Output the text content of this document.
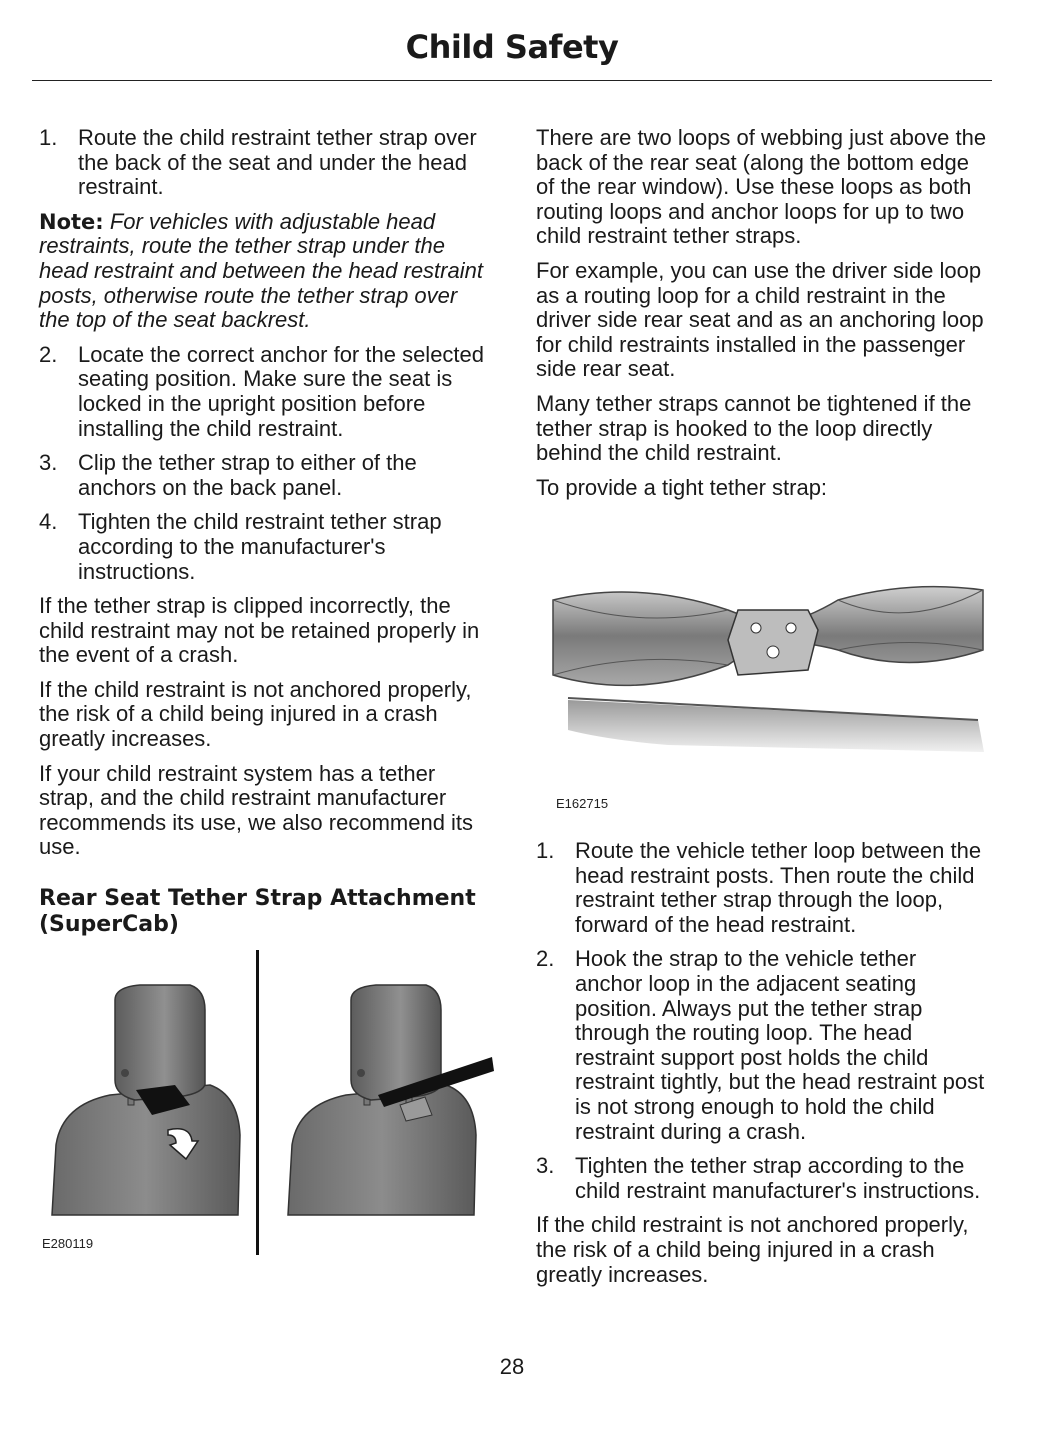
Child Safety
1. Route the child restraint tether strap over the back of the seat and under the head restraint.
Note: For vehicles with adjustable head restraints, route the tether strap under the head restraint and between the head restraint posts, otherwise route the tether strap over the top of the seat backrest.
2. Locate the correct anchor for the selected seating position. Make sure the seat is locked in the upright position before installing the child restraint.
3. Clip the tether strap to either of the anchors on the back panel.
4. Tighten the child restraint tether strap according to the manufacturer's instructions.

If the tether strap is clipped incorrectly, the child restraint may not be retained properly in the event of a crash.

If the child restraint is not anchored properly, the risk of a child being injured in a crash greatly increases.

If your child restraint system has a tether strap, and the child restraint manufacturer recommends its use, we also recommend its use.

Rear Seat Tether Strap Attachment (SuperCab)
E280119

There are two loops of webbing just above the back of the rear seat (along the bottom edge of the rear window). Use these loops as both routing loops and anchor loops for up to two child restraint tether straps.

For example, you can use the driver side loop as a routing loop for a child restraint in the driver side rear seat and as an anchoring loop for child restraints installed in the passenger side rear seat.

Many tether straps cannot be tightened if the tether strap is hooked to the loop directly behind the child restraint.

To provide a tight tether strap:

E162715
1. Route the vehicle tether loop between the head restraint posts. Then route the child restraint tether strap through the loop, forward of the head restraint.
2. Hook the strap to the vehicle tether anchor loop in the adjacent seating position. Always put the tether strap through the routing loop. The head restraint support post holds the child restraint tightly, but the head restraint post is not strong enough to hold the child restraint during a crash.
3. Tighten the tether strap according to the child restraint manufacturer's instructions.

If the child restraint is not anchored properly, the risk of a child being injured in a crash greatly increases.

28
